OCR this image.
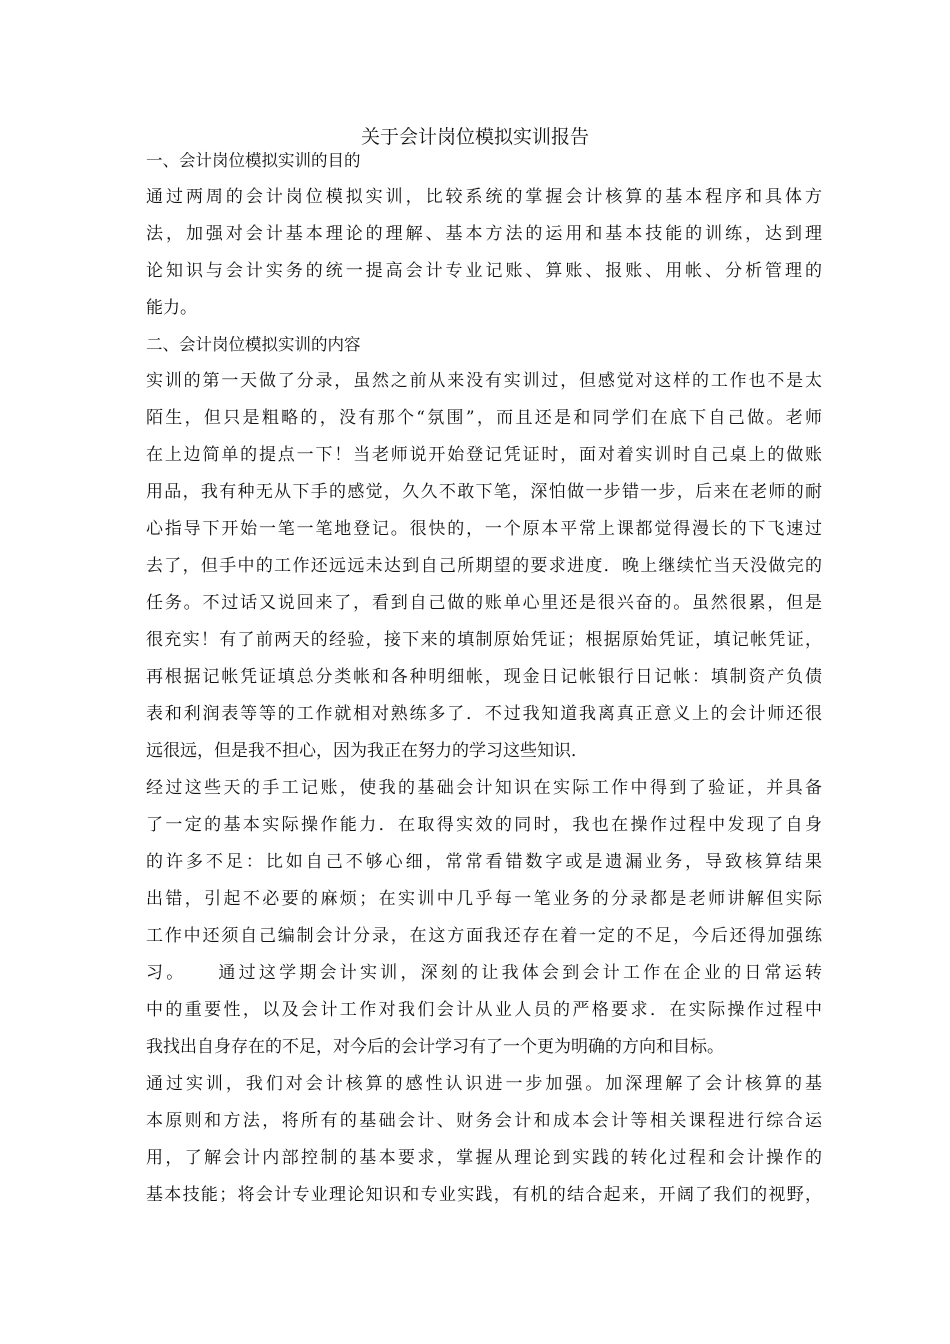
关于会计岗位模拟实训报告
一、会计岗位模拟实训的目的
通过两周的会计岗位模拟实训，比较系统的掌握会计核算的基本程序和具体方
法，加强对会计基本理论的理解、基本方法的运用和基本技能的训练，达到理
论知识与会计实务的统一提高会计专业记账、算账、报账、用帐、分析管理的
能力。
二、会计岗位模拟实训的内容
实训的第一天做了分录，虽然之前从来没有实训过，但感觉对这样的工作也不是太
陌生，但只是粗略的，没有那个“氛围”，而且还是和同学们在底下自己做。老师
在上边简单的提点一下！当老师说开始登记凭证时，面对着实训时自己桌上的做账
用品，我有种无从下手的感觉，久久不敢下笔，深怕做一步错一步，后来在老师的耐
心指导下开始一笔一笔地登记。很快的，一个原本平常上课都觉得漫长的下飞速过
去了，但手中的工作还远远未达到自己所期望的要求进度．晚上继续忙当天没做完的
任务。不过话又说回来了，看到自己做的账单心里还是很兴奋的。虽然很累，但是
很充实！有了前两天的经验，接下来的填制原始凭证；根据原始凭证，填记帐凭证，
再根据记帐凭证填总分类帐和各种明细帐，现金日记帐银行日记帐：填制资产负债
表和利润表等等的工作就相对熟练多了．不过我知道我离真正意义上的会计师还很
远很远，但是我不担心，因为我正在努力的学习这些知识．
经过这些天的手工记账，使我的基础会计知识在实际工作中得到了验证，并具备
了一定的基本实际操作能力．在取得实效的同时，我也在操作过程中发现了自身
的许多不足：比如自己不够心细，常常看错数字或是遗漏业务，导致核算结果
出错，引起不必要的麻烦；在实训中几乎每一笔业务的分录都是老师讲解但实际
工作中还须自己编制会计分录，在这方面我还存在着一定的不足，今后还得加强练
习。　　通过这学期会计实训，深刻的让我体会到会计工作在企业的日常运转
中的重要性，以及会计工作对我们会计从业人员的严格要求．在实际操作过程中
我找出自身存在的不足，对今后的会计学习有了一个更为明确的方向和目标。
通过实训，我们对会计核算的感性认识进一步加强。加深理解了会计核算的基
本原则和方法，将所有的基础会计、财务会计和成本会计等相关课程进行综合运
用，了解会计内部控制的基本要求，掌握从理论到实践的转化过程和会计操作的
基本技能；将会计专业理论知识和专业实践，有机的结合起来，开阔了我们的视野，
